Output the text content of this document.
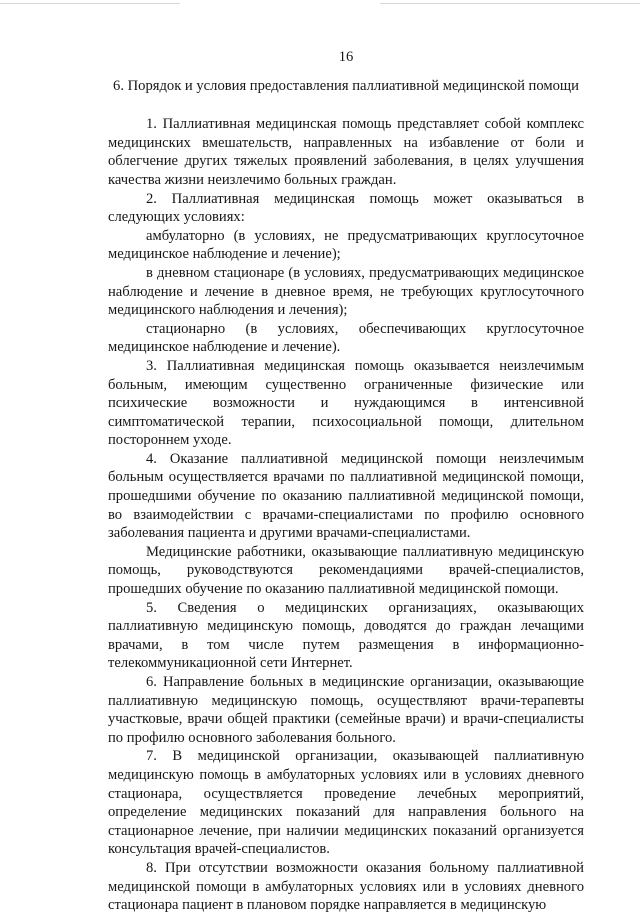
16
6. Порядок и условия предоставления паллиативной медицинской помощи

1. Паллиативная медицинская помощь представляет собой комплекс медицинских вмешательств, направленных на избавление от боли и облегчение других тяжелых проявлений заболевания, в целях улучшения качества жизни неизлечимо больных граждан.

2. Паллиативная медицинская помощь может оказываться в следующих условиях:

амбулаторно (в условиях, не предусматривающих круглосуточное медицинское наблюдение и лечение);

в дневном стационаре (в условиях, предусматривающих медицинское наблюдение и лечение в дневное время, не требующих круглосуточного медицинского наблюдения и лечения);

стационарно (в условиях, обеспечивающих круглосуточное медицинское наблюдение и лечение).

3. Паллиативная медицинская помощь оказывается неизлечимым больным, имеющим существенно ограниченные физические или психические возможности и нуждающимся в интенсивной симптоматической терапии, психосоциальной помощи, длительном постороннем уходе.

4. Оказание паллиативной медицинской помощи неизлечимым больным осуществляется врачами по паллиативной медицинской помощи, прошедшими обучение по оказанию паллиативной медицинской помощи, во взаимодействии с врачами-специалистами по профилю основного заболевания пациента и другими врачами-специалистами.

Медицинские работники, оказывающие паллиативную медицинскую помощь, руководствуются рекомендациями врачей-специалистов, прошедших обучение по оказанию паллиативной медицинской помощи.

5. Сведения о медицинских организациях, оказывающих паллиативную медицинскую помощь, доводятся до граждан лечащими врачами, в том числе путем размещения в информационно-телекоммуникационной сети Интернет.

6. Направление больных в медицинские организации, оказывающие паллиативную медицинскую помощь, осуществляют врачи-терапевты участковые, врачи общей практики (семейные врачи) и врачи-специалисты по профилю основного заболевания больного.

7. В медицинской организации, оказывающей паллиативную медицинскую помощь в амбулаторных условиях или в условиях дневного стационара, осуществляется проведение лечебных мероприятий, определение медицинских показаний для направления больного на стационарное лечение, при наличии медицинских показаний организуется консультация врачей-специалистов.

8. При отсутствии возможности оказания больному паллиативной медицинской помощи в амбулаторных условиях или в условиях дневного стационара пациент в плановом порядке направляется в медицинскую
